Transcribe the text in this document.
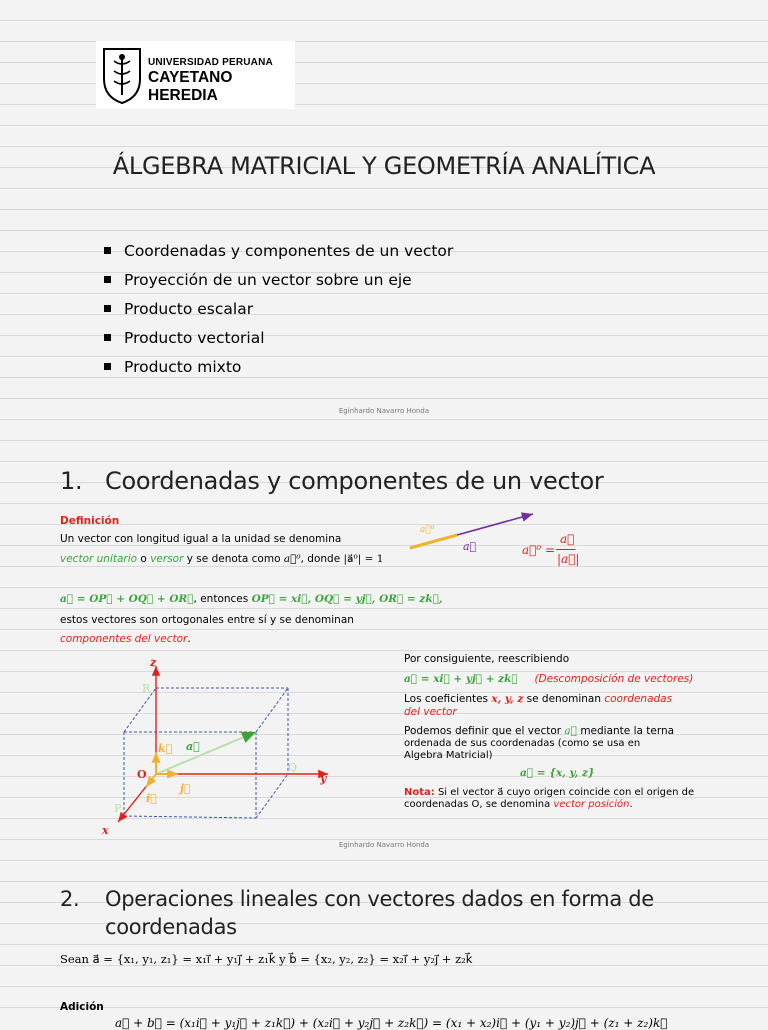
UNIVERSIDAD PERUANA
CAYETANO HEREDIA
ÁLGEBRA MATRICIAL Y GEOMETRÍA ANALÍTICA
Coordenadas y componentes de un vector
Proyección de un vector sobre un eje
Producto escalar
Producto vectorial
Producto mixto
Eginhardo Navarro Honda
1. Coordenadas y componentes de un vector
Definición
Un vector con longitud igual a la unidad se denomina
vector unitario o versor y se denota como a⃗⁰, donde |a⃗⁰| = 1
a⃗
a⃗⁰
a⃗⁰ =
a⃗
|a⃗|
a⃗ = OP⃗ + OQ⃗ + OR⃗, entonces OP⃗ = xi⃗, OQ⃗ = yj⃗, OR⃗ = zk⃗,
estos vectores son ortogonales entre sí y se denominan
componentes del vector.
z
y
x
O
Q
R
P
a⃗
i⃗
j⃗
k⃗
Por consiguiente, reescribiendo
a⃗ = xi⃗ + yj⃗ + zk⃗ (Descomposición de vectores)
Los coeficientes x, y, z se denominan coordenadas
del vector
Podemos definir que el vector a⃗ mediante la terna
ordenada de sus coordenadas (como se usa en
Algebra Matricial)
a⃗ = {x, y, z}
Nota: Si el vector a⃗ cuyo origen coincide con el origen de
coordenadas O, se denomina vector posición.
Eginhardo Navarro Honda
2. Operaciones lineales con vectores dados en forma de
coordenadas
Sean a⃗ = {x₁, y₁, z₁} = x₁i⃗ + y₁j⃗ + z₁k⃗ y b⃗ = {x₂, y₂, z₂} = x₂i⃗ + y₂j⃗ + z₂k⃗
Adición
a⃗ + b⃗ = (x₁i⃗ + y₁j⃗ + z₁k⃗) + (x₂i⃗ + y₂j⃗ + z₂k⃗) = (x₁ + x₂)i⃗ + (y₁ + y₂)j⃗ + (z₁ + z₂)k⃗
